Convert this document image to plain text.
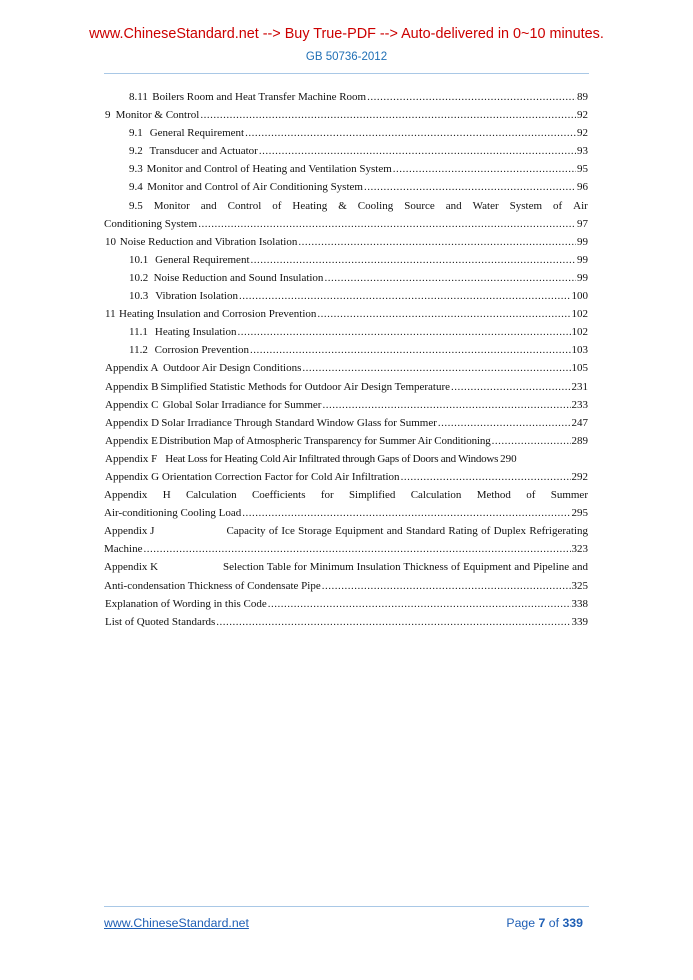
www.ChineseStandard.net --> Buy True-PDF --> Auto-delivered in 0~10 minutes.
GB 50736-2012
8.11 Boilers Room and Heat Transfer Machine Room .....	89
9 Monitor & Control .....	92
9.1 General Requirement .....	92
9.2 Transducer and Actuator .....	93
9.3 Monitor and Control of Heating and Ventilation System .....	95
9.4 Monitor and Control of Air Conditioning System .....	96
9.5 Monitor and Control of Heating & Cooling Source and Water System of Air
Conditioning System .....	97
10 Noise Reduction and Vibration Isolation .....	99
10.1 General Requirement .....	99
10.2 Noise Reduction and Sound Insulation .....	99
10.3 Vibration Isolation .....	100
11 Heating Insulation and Corrosion Prevention .....	102
11.1 Heating Insulation .....	102
11.2 Corrosion Prevention .....	103
Appendix A Outdoor Air Design Conditions .....	105
Appendix B Simplified Statistic Methods for Outdoor Air Design Temperature .....	231
Appendix C Global Solar Irradiance for Summer .....	233
Appendix D Solar Irradiance Through Standard Window Glass for Summer .....	247
Appendix E Distribution Map of Atmospheric Transparency for Summer Air Conditioning .....	289
Appendix F Heat Loss for Heating Cold Air Infiltrated through Gaps of Doors and Windows 290
Appendix G Orientation Correction Factor for Cold Air Infiltration .....	292
Appendix H Calculation Coefficients for Simplified Calculation Method of Summer
Air-conditioning Cooling Load .....	295
Appendix J	Capacity of Ice Storage Equipment and Standard Rating of Duplex Refrigerating
Machine .....	323
Appendix K	Selection Table for Minimum Insulation Thickness of Equipment and Pipeline and
Anti-condensation Thickness of Condensate Pipe .....	325
Explanation of Wording in this Code .....	338
List of Quoted Standards .....	339
www.ChineseStandard.net	Page 7 of 339
